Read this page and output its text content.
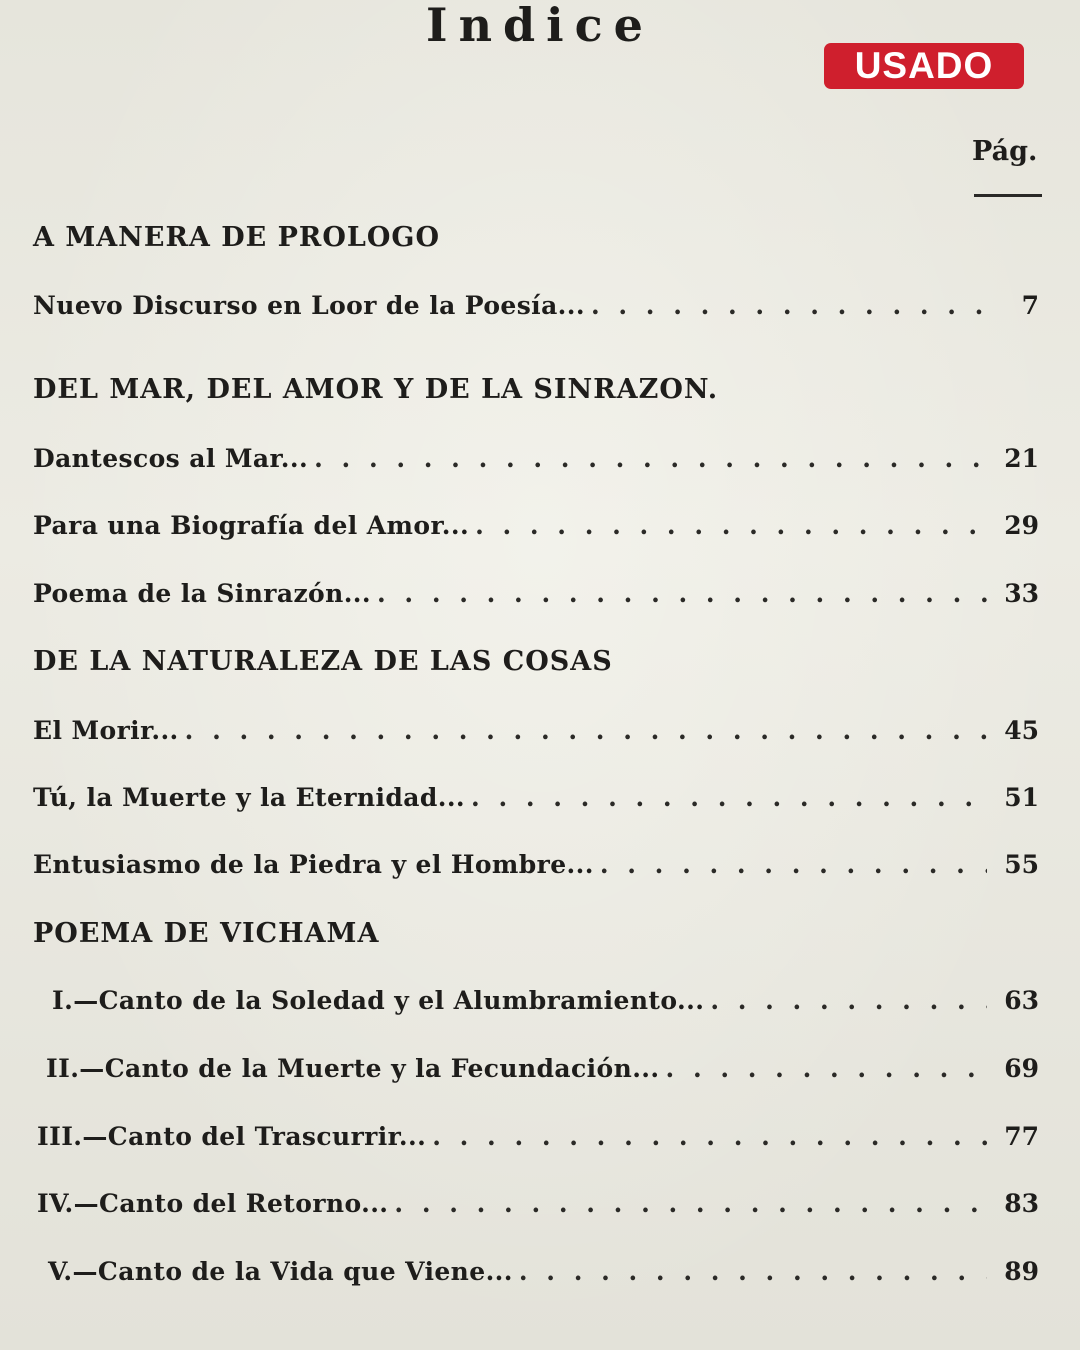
Indice
USADO
Pág.
A MANERA DE PROLOGO
Nuevo Discurso en Loor de la Poesía... . . .	7
DEL MAR, DEL AMOR Y DE LA SINRAZON.
Dantescos al Mar... . . .	21
Para una Biografía del Amor... . . .	29
Poema de la Sinrazón... . . .	33
DE LA NATURALEZA DE LAS COSAS
El Morir... . . .	45
Tú, la Muerte y la Eternidad... . . .	51
Entusiasmo de la Piedra y el Hombre... . . .	55
POEMA DE VICHAMA
I.—Canto de la Soledad y el Alumbramiento... . . .	63
II.—Canto de la Muerte y la Fecundación... . . .	69
III.—Canto del Trascurrir... . . .	77
IV.—Canto del Retorno... . . .	83
V.—Canto de la Vida que Viene... . . .	89
